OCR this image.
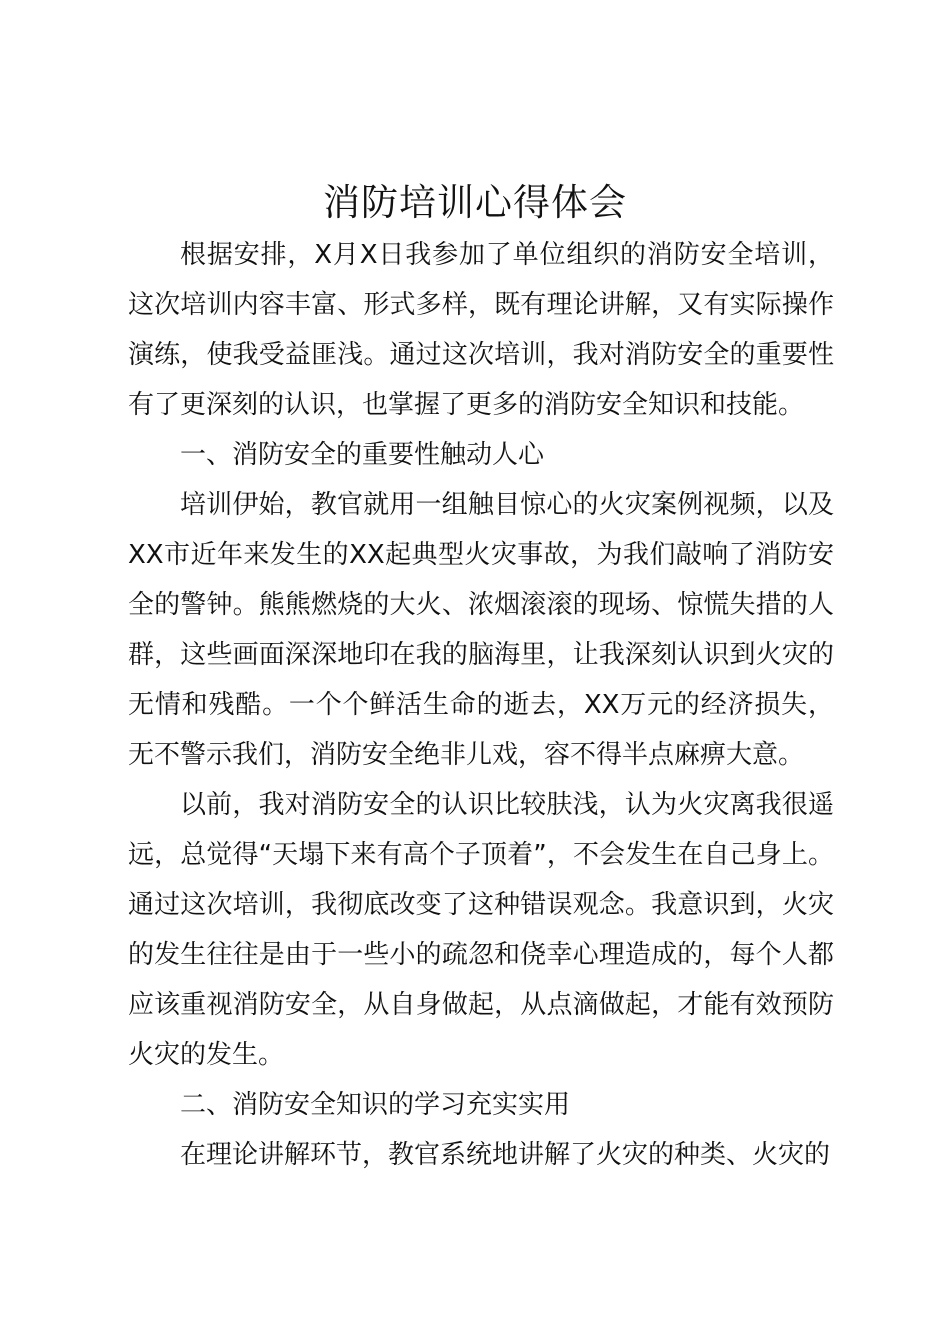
消防培训心得体会

根据安排，X月X日我参加了单位组织的消防安全培训，这次培训内容丰富、形式多样，既有理论讲解，又有实际操作演练，使我受益匪浅。通过这次培训，我对消防安全的重要性有了更深刻的认识，也掌握了更多的消防安全知识和技能。

一、消防安全的重要性触动人心

培训伊始，教官就用一组触目惊心的火灾案例视频，以及XX市近年来发生的XX起典型火灾事故，为我们敲响了消防安全的警钟。熊熊燃烧的大火、浓烟滚滚的现场、惊慌失措的人群，这些画面深深地印在我的脑海里，让我深刻认识到火灾的无情和残酷。一个个鲜活生命的逝去，XX万元的经济损失，无不警示我们，消防安全绝非儿戏，容不得半点麻痹大意。

以前，我对消防安全的认识比较肤浅，认为火灾离我很遥远，总觉得“天塌下来有高个子顶着”，不会发生在自己身上。通过这次培训，我彻底改变了这种错误观念。我意识到，火灾的发生往往是由于一些小的疏忽和侥幸心理造成的，每个人都应该重视消防安全，从自身做起，从点滴做起，才能有效预防火灾的发生。

二、消防安全知识的学习充实实用

在理论讲解环节，教官系统地讲解了火灾的种类、火灾的
